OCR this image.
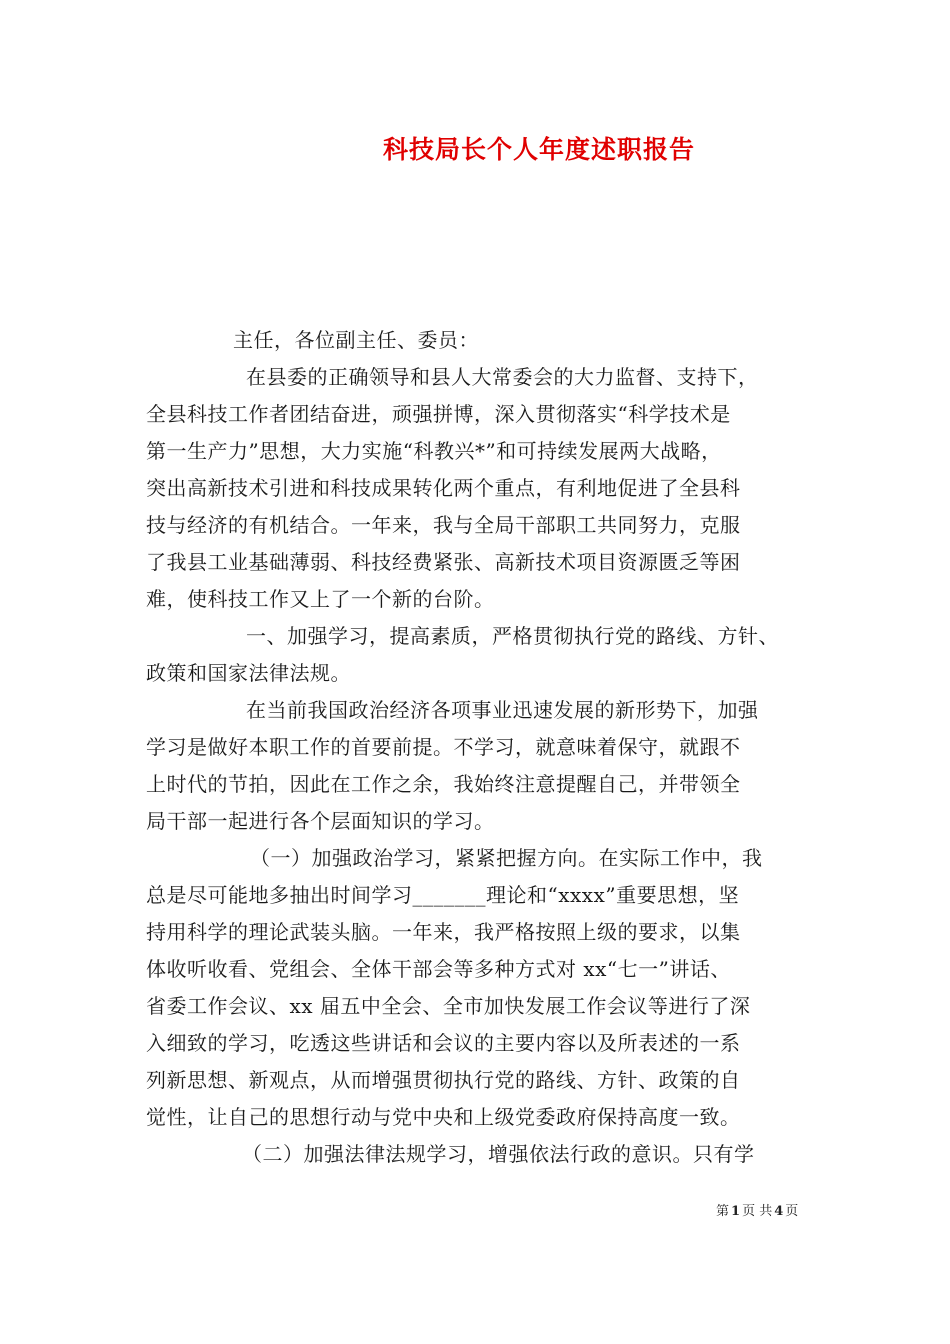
科技局长个人年度述职报告
主任，各位副主任、委员：
在县委的正确领导和县人大常委会的大力监督、支持下，
全县科技工作者团结奋进，顽强拼博，深入贯彻落实“科学技术是
第一生产力”思想，大力实施“科教兴*”和可持续发展两大战略，
突出高新技术引进和科技成果转化两个重点，有利地促进了全县科
技与经济的有机结合。一年来，我与全局干部职工共同努力，克服
了我县工业基础薄弱、科技经费紧张、高新技术项目资源匮乏等困
难，使科技工作又上了一个新的台阶。
一、加强学习，提高素质，严格贯彻执行党的路线、方针、
政策和国家法律法规。
在当前我国政治经济各项事业迅速发展的新形势下，加强
学习是做好本职工作的首要前提。不学习，就意味着保守，就跟不
上时代的节拍，因此在工作之余，我始终注意提醒自己，并带领全
局干部一起进行各个层面知识的学习。
（一）加强政治学习，紧紧把握方向。在实际工作中，我
总是尽可能地多抽出时间学习_______理论和“xxxx”重要思想，坚
持用科学的理论武装头脑。一年来，我严格按照上级的要求，以集
体收听收看、党组会、全体干部会等多种方式对 xx“七一”讲话、
省委工作会议、xx 届五中全会、全市加快发展工作会议等进行了深
入细致的学习，吃透这些讲话和会议的主要内容以及所表述的一系
列新思想、新观点，从而增强贯彻执行党的路线、方针、政策的自
觉性，让自己的思想行动与党中央和上级党委政府保持高度一致。
（二）加强法律法规学习，增强依法行政的意识。只有学
第 1 页 共 4 页
